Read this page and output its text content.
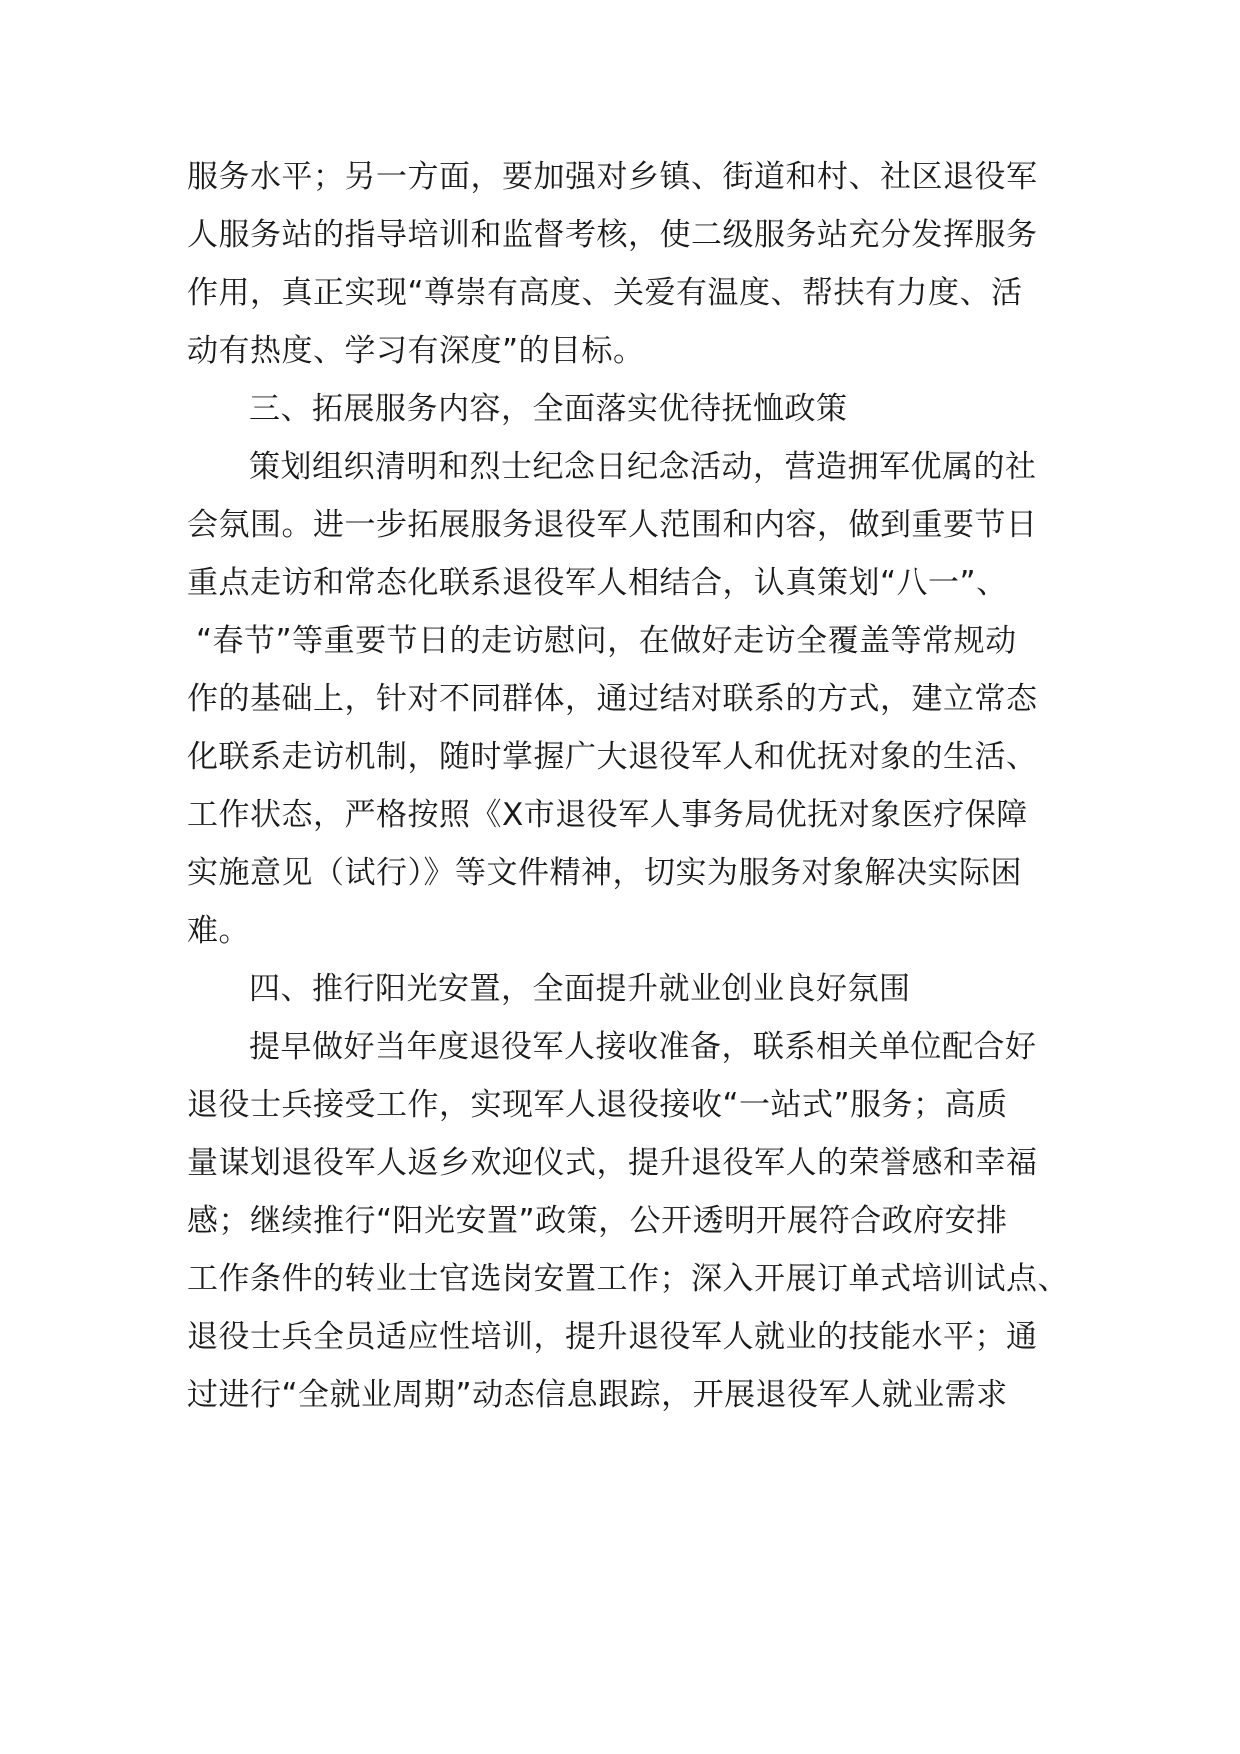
服务水平；另一方面，要加强对乡镇、街道和村、社区退役军
人服务站的指导培训和监督考核，使二级服务站充分发挥服务
作用，真正实现“尊崇有高度、关爱有温度、帮扶有力度、活
动有热度、学习有深度”的目标。
三、拓展服务内容，全面落实优待抚恤政策
策划组织清明和烈士纪念日纪念活动，营造拥军优属的社
会氛围。进一步拓展服务退役军人范围和内容，做到重要节日
重点走访和常态化联系退役军人相结合，认真策划“八一”、
“春节”等重要节日的走访慰问，在做好走访全覆盖等常规动
作的基础上，针对不同群体，通过结对联系的方式，建立常态
化联系走访机制，随时掌握广大退役军人和优抚对象的生活、
工作状态，严格按照《X市退役军人事务局优抚对象医疗保障
实施意见（试行）》等文件精神，切实为服务对象解决实际困
难。
四、推行阳光安置，全面提升就业创业良好氛围
提早做好当年度退役军人接收准备，联系相关单位配合好
退役士兵接受工作，实现军人退役接收“一站式”服务；高质
量谋划退役军人返乡欢迎仪式，提升退役军人的荣誉感和幸福
感；继续推行“阳光安置”政策，公开透明开展符合政府安排
工作条件的转业士官选岗安置工作；深入开展订单式培训试点、
退役士兵全员适应性培训，提升退役军人就业的技能水平；通
过进行“全就业周期”动态信息跟踪，开展退役军人就业需求
